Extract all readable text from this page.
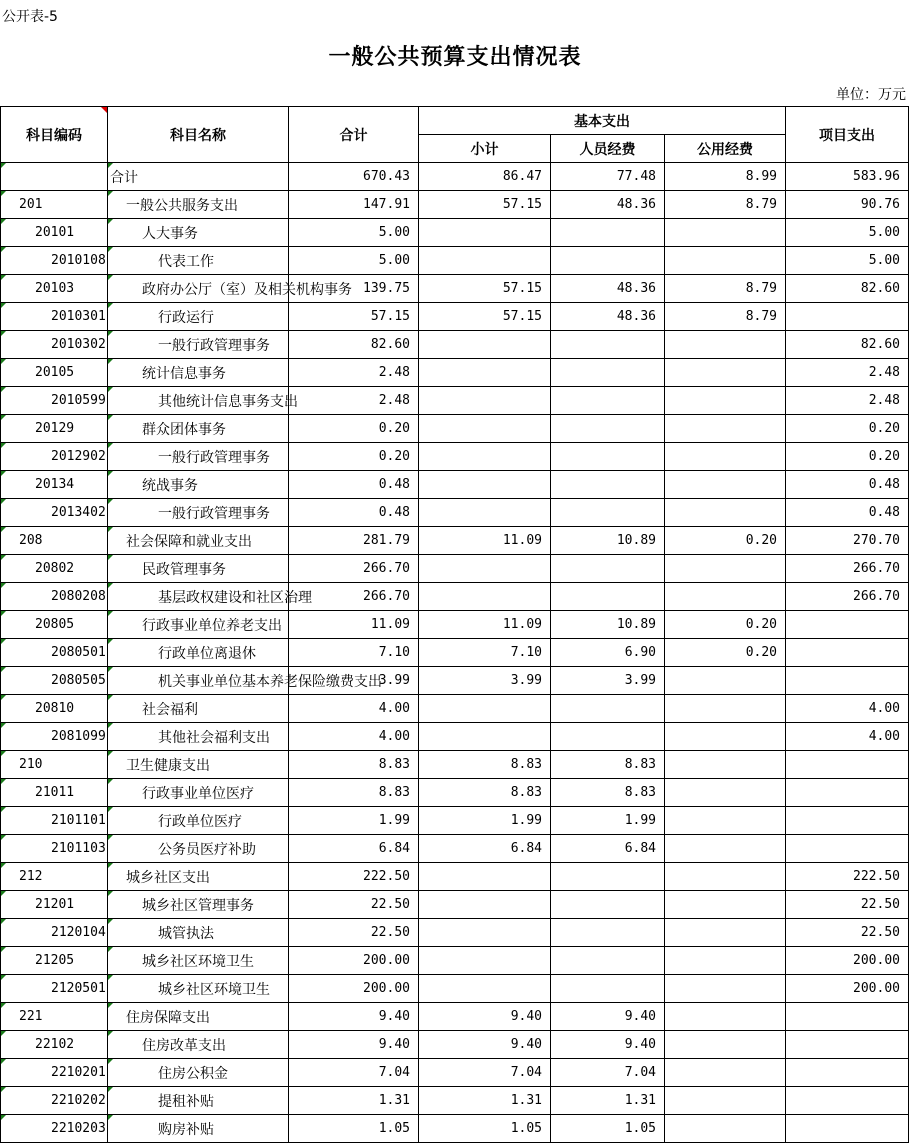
公开表-5
一般公共预算支出情况表
单位：万元
科目编码	科目名称	合计	基本支出			项目支出
			小计	人员经费	公用经费	

	合计	670.43	86.47	77.48	8.99	583.96
201	一般公共服务支出	147.91	57.15	48.36	8.79	90.76
20101	人大事务	5.00				5.00
2010108	代表工作	5.00				5.00
20103	政府办公厅（室）及相关机构事务	139.75	57.15	48.36	8.79	82.60
2010301	行政运行	57.15	57.15	48.36	8.79	
2010302	一般行政管理事务	82.60				82.60
20105	统计信息事务	2.48				2.48
2010599	其他统计信息事务支出	2.48				2.48
20129	群众团体事务	0.20				0.20
2012902	一般行政管理事务	0.20				0.20
20134	统战事务	0.48				0.48
2013402	一般行政管理事务	0.48				0.48
208	社会保障和就业支出	281.79	11.09	10.89	0.20	270.70
20802	民政管理事务	266.70				266.70
2080208	基层政权建设和社区治理	266.70				266.70
20805	行政事业单位养老支出	11.09	11.09	10.89	0.20	
2080501	行政单位离退休	7.10	7.10	6.90	0.20	
2080505	机关事业单位基本养老保险缴费支出	3.99	3.99	3.99		
20810	社会福利	4.00				4.00
2081099	其他社会福利支出	4.00				4.00
210	卫生健康支出	8.83	8.83	8.83		
21011	行政事业单位医疗	8.83	8.83	8.83		
2101101	行政单位医疗	1.99	1.99	1.99		
2101103	公务员医疗补助	6.84	6.84	6.84		
212	城乡社区支出	222.50				222.50
21201	城乡社区管理事务	22.50				22.50
2120104	城管执法	22.50				22.50
21205	城乡社区环境卫生	200.00				200.00
2120501	城乡社区环境卫生	200.00				200.00
221	住房保障支出	9.40	9.40	9.40		
22102	住房改革支出	9.40	9.40	9.40		
2210201	住房公积金	7.04	7.04	7.04		
2210202	提租补贴	1.31	1.31	1.31		
2210203	购房补贴	1.05	1.05	1.05		
